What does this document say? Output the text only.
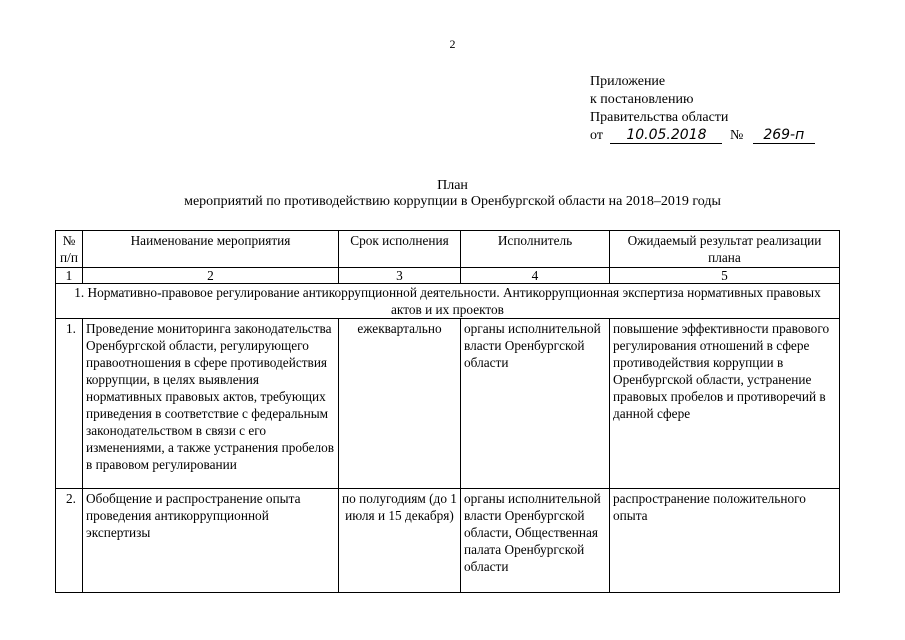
2
Приложение
к постановлению
Правительства области
от 10.05.2018 № 269-п
План
мероприятий по противодействию коррупции в Оренбургской области на 2018–2019 годы
№ п/п	Наименование мероприятия	Срок исполнения	Исполнитель	Ожидаемый результат реализации плана
1	2	3	4	5
1. Нормативно-правовое регулирование антикоррупционной деятельности. Антикоррупционная экспертиза нормативных правовых актов и их проектов				
1.	Проведение мониторинга законодательства Оренбургской области, регулирующего правоотношения в сфере противодействия коррупции, в целях выявления нормативных правовых актов, требующих приведения в соответствие с федеральным законодательством в связи с его изменениями, а также устранения пробелов в правовом регулировании	ежеквартально	органы исполнительной власти Оренбургской области	повышение эффективности правового регулирования отношений в сфере противодействия коррупции в Оренбургской области, устранение правовых пробелов и противоречий в данной сфере
2.	Обобщение и распространение опыта проведения антикоррупционной экспертизы	по полугодиям (до 1 июля и 15 декабря)	органы исполнительной власти Оренбургской области, Общественная палата Оренбургской области	распространение положительного опыта
